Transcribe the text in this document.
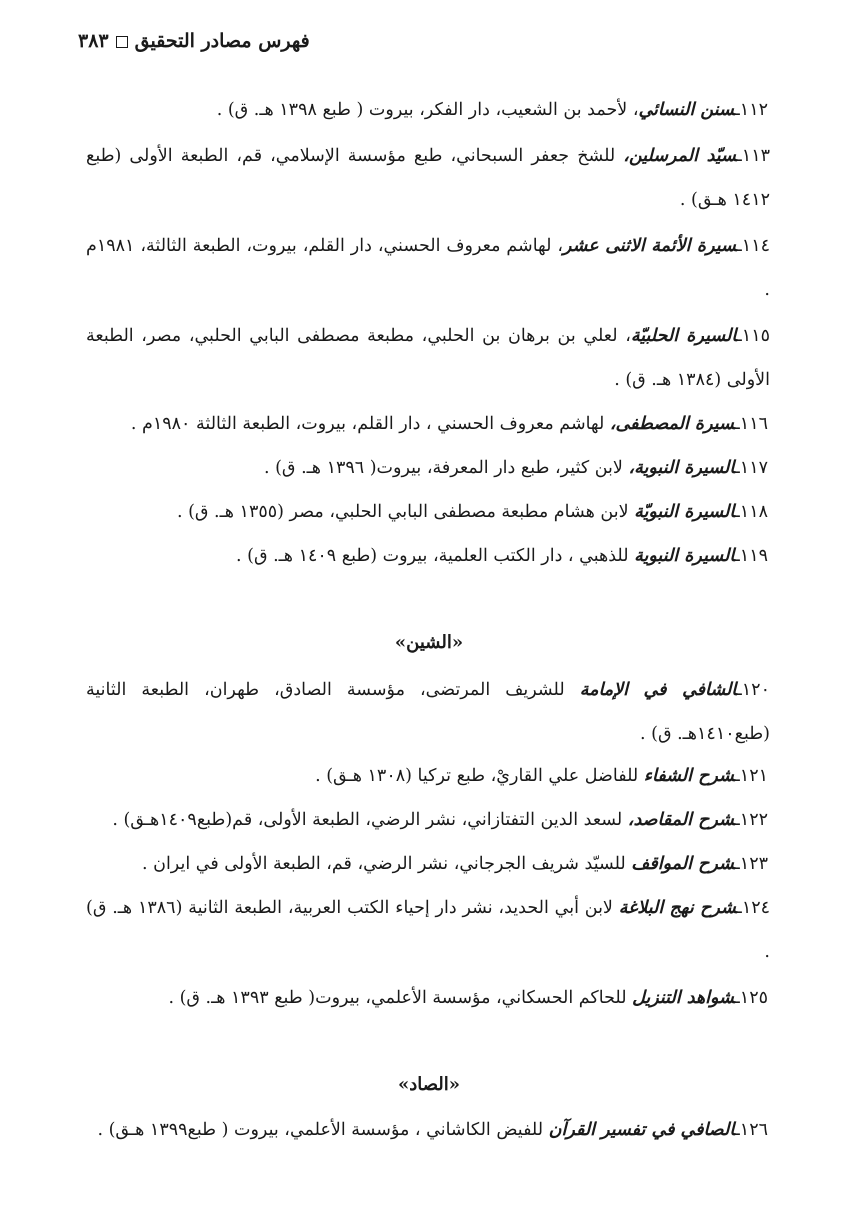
فهرس مصادر التحقيق٣٨٣
١١٢ـسنن النسائي، لأحمد بن الشعيب، دار الفكر، بيروت ( طبع ١٣٩٨ هـ. ق) .
١١٣ـسيّد المرسلين، للشخ جعفر السبحاني، طبع مؤسسة الإسلامي، قم، الطبعة الأولى (طبع ١٤١٢ هـق) .
١١٤ـسيرة الأئمة الاثنى عشر، لهاشم معروف الحسني، دار القلم، بيروت، الطبعة الثالثة، ١٩٨١م .
١١٥ـالسيرة الحلبيّة، لعلي بن برهان بن الحلبي، مطبعة مصطفى البابي الحلبي، مصر، الطبعة الأولى (١٣٨٤ هـ. ق) .
١١٦ـسيرة المصطفى، لهاشم معروف الحسني ، دار القلم، بيروت، الطبعة الثالثة ١٩٨٠م .
١١٧ـالسيرة النبوية، لابن كثير، طبع دار المعرفة، بيروت( ١٣٩٦ هـ. ق) .
١١٨ـالسيرة النبويّة لابن هشام مطبعة مصطفى البابي الحلبي، مصر (١٣٥٥ هـ. ق) .
١١٩ـالسيرة النبوية للذهبي ، دار الكتب العلمية، بيروت (طبع ١٤٠٩ هـ. ق) .
«الشين»
١٢٠ـالشافي في الإمامة للشريف المرتضى، مؤسسة الصادق، طهران، الطبعة الثانية (طبع١٤١٠هـ. ق) .
١٢١ـشرح الشفاء للفاضل علي القاريْ، طبع تركيا (١٣٠٨ هـق) .
١٢٢ـشرح المقاصد، لسعد الدين التفتازاني، نشر الرضي، الطبعة الأولى، قم(طبع١٤٠٩هـق) .
١٢٣ـشرح المواقف للسيّد شريف الجرجاني، نشر الرضي، قم، الطبعة الأولى في ايران .
١٢٤ـشرح نهج البلاغة لابن أبي الحديد، نشر دار إحياء الكتب العربية، الطبعة الثانية (١٣٨٦ هـ. ق) .
١٢٥ـشواهد التنزيل للحاكم الحسكاني، مؤسسة الأعلمي، بيروت( طبع ١٣٩٣ هـ. ق) .
«الصاد»
١٢٦ـالصافي في تفسير القرآن للفيض الكاشاني ، مؤسسة الأعلمي، بيروت ( طبع١٣٩٩ هـق) .
